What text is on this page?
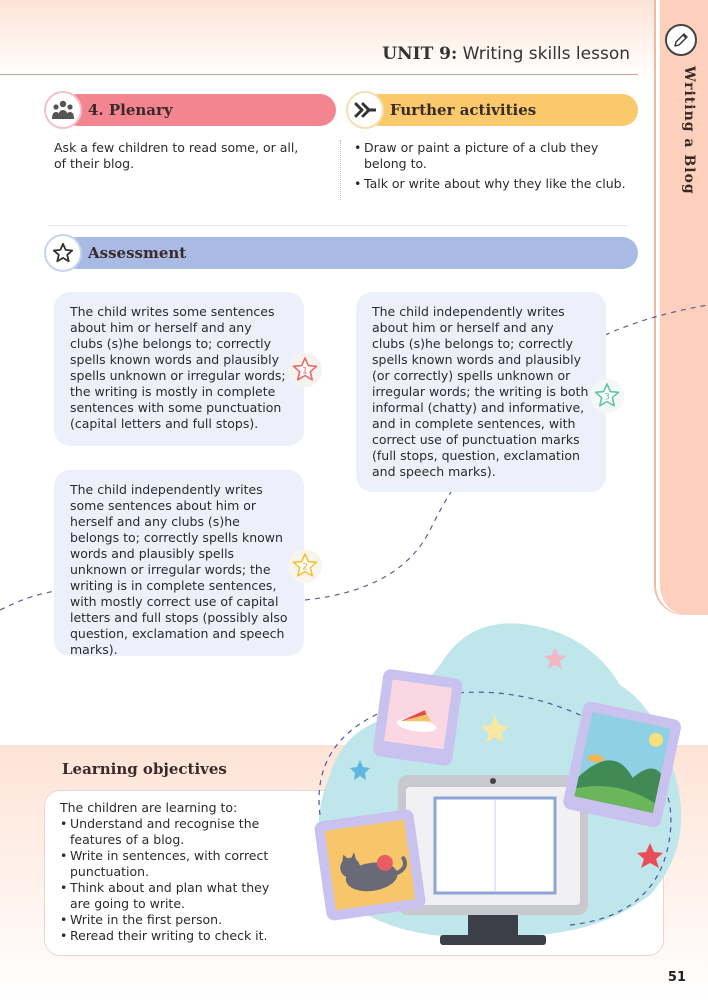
UNIT 9: Writing skills lesson
Writing a Blog
4. Plenary
Ask a few children to read some, or all, of their blog.
Further activities
• Draw or paint a picture of a club they belong to.
• Talk or write about why they like the club.
Assessment
The child writes some sentences about him or herself and any clubs (s)he belongs to; correctly spells known words and plausibly spells unknown or irregular words; the writing is mostly in complete sentences with some punctuation (capital letters and full stops).
1
The child independently writes about him or herself and any clubs (s)he belongs to; correctly spells known words and plausibly (or correctly) spells unknown or irregular words; the writing is both informal (chatty) and informative, and in complete sentences, with correct use of punctuation marks (full stops, question, exclamation and speech marks).
3
The child independently writes some sentences about him or herself and any clubs (s)he belongs to; correctly spells known words and plausibly spells unknown or irregular words; the writing is in complete sentences, with mostly correct use of capital letters and full stops (possibly also question, exclamation and speech marks).
2
Learning objectives
The children are learning to:
• Understand and recognise the features of a blog.
• Write in sentences, with correct punctuation.
• Think about and plan what they are going to write.
• Write in the first person.
• Reread their writing to check it.
51
